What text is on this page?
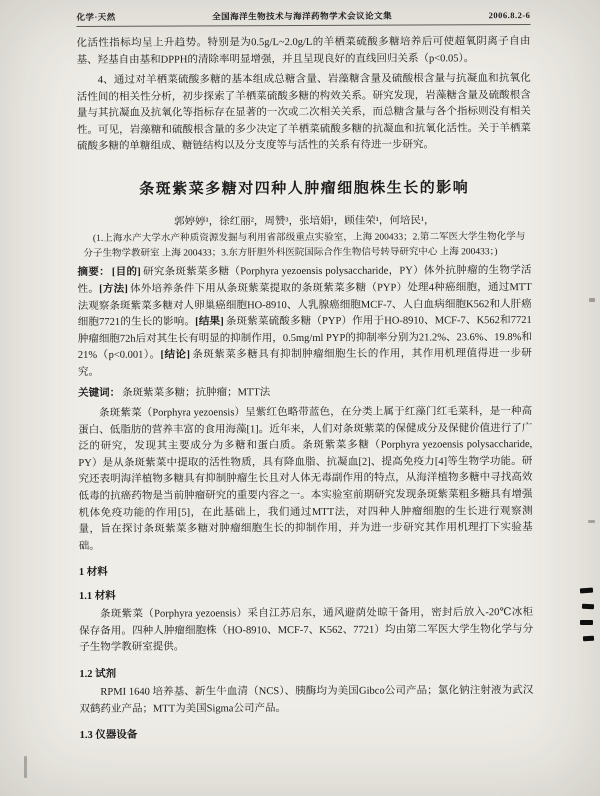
化学·天然	全国海洋生物技术与海洋药物学术会议论文集	2006.8.2-6

化活性指标均呈上升趋势。特别是为0.5g/L~2.0g/L的羊栖菜硫酸多糖培养后可使超氧阴离子自由基、羟基自由基和DPPH的清除率明显增强，并且呈现良好的直线回归关系（p<0.05）。

4、通过对羊栖菜硫酸多糖的基本组成总糖含量、岩藻糖含量及硫酸根含量与抗凝血和抗氧化活性间的相关性分析，初步探索了羊栖菜硫酸多糖的构效关系。研究发现，岩藻糖含量及硫酸根含量与其抗凝血及抗氧化等指标存在显著的一次或二次相关关系，而总糖含量与各个指标则没有相关性。可见，岩藻糖和硫酸根含量的多少决定了羊栖菜硫酸多糖的抗凝血和抗氧化活性。关于羊栖菜硫酸多糖的单糖组成、糖链结构以及分支度等与活性的关系有待进一步研究。

条斑紫菜多糖对四种人肿瘤细胞株生长的影响

郭婷婷¹，徐红丽²，周赞³，张培娟¹，顾佳荣¹，何培民¹，

(1.上海水产大学水产种质资源发掘与利用省部级重点实验室，上海 200433；2.第二军医大学生物化学与分子生物学教研室 上海 200433；3.东方肝胆外科医院国际合作生物信号转导研究中心 上海 200433；)

摘要： [目的] 研究条斑紫菜多糖（Porphyra yezoensis polysaccharide，PY）体外抗肿瘤的生物学活性。[方法] 体外培养条件下用从条斑紫菜提取的条斑紫菜多糖（PYP）处理4种癌细胞，通过MTT法观察条斑紫菜多糖对人卵巢癌细胞HO-8910、人乳腺癌细胞MCF-7、人白血病细胞K562和人肝癌细胞7721的生长的影响。[结果] 条斑紫菜硫酸多糖（PYP）作用于HO-8910、MCF-7、K562和7721肿瘤细胞72h后对其生长有明显的抑制作用，0.5mg/ml PYP的抑制率分别为21.2%、23.6%、19.8%和21%（p<0.001）。[结论] 条斑紫菜多糖具有抑制肿瘤细胞生长的作用，其作用机理值得进一步研究。

关键词： 条斑紫菜多糖；抗肿瘤；MTT法

条斑紫菜（Porphyra yezoensis）呈紫红色略带蓝色，在分类上属于红藻门红毛菜科，是一种高蛋白、低脂肪的营养丰富的食用海藻[1]。近年来，人们对条斑紫菜的保健成分及保健价值进行了广泛的研究，发现其主要成分为多糖和蛋白质。条斑紫菜多糖（Porphyra yezoensis polysaccharide, PY）是从条斑紫菜中提取的活性物质，具有降血脂、抗凝血[2]、提高免疫力[4]等生物学功能。研究还表明海洋植物多糖具有抑制肿瘤生长且对人体无毒副作用的特点，从海洋植物多糖中寻找高效低毒的抗癌药物是当前肿瘤研究的重要内容之一。本实验室前期研究发现条斑紫菜粗多糖具有增强机体免疫功能的作用[5]，在此基础上，我们通过MTT法，对四种人肿瘤细胞的生长进行观察测量，旨在探讨条斑紫菜多糖对肿瘤细胞生长的抑制作用，并为进一步研究其作用机理打下实验基础。

1 材料
1.1 材料

条斑紫菜（Porphyra yezoensis）采自江苏启东，通风避荫处晾干备用，密封后放入-20℃冰柜保存备用。四种人肿瘤细胞株（HO-8910、MCF-7、K562、7721）均由第二军医大学生物化学与分子生物学教研室提供。

1.2 试剂

RPMI 1640 培养基、新生牛血清（NCS）、胰酶均为美国Gibco公司产品；氯化钠注射液为武汉双鹤药业产品；MTT为美国Sigma公司产品。

1.3 仪器设备
